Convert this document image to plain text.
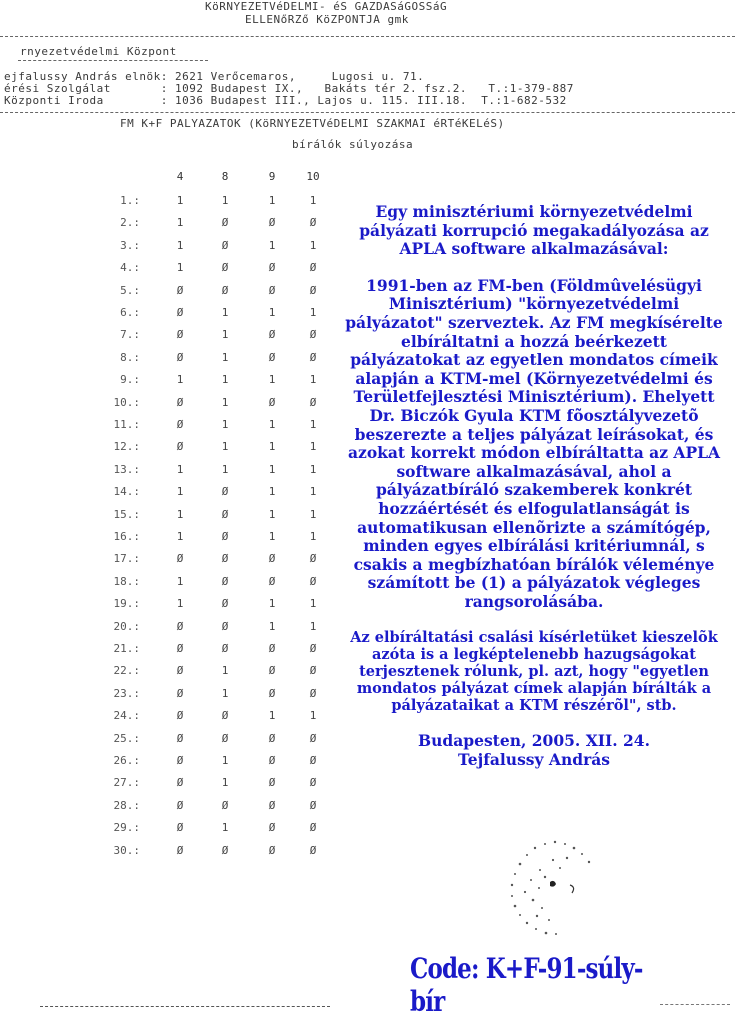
KöRNYEZETVéDELMI- éS GAZDASáGOSSáG
ELLENőRZő KöZPONTJA gmk
rnyezetvédelmi Központ
ejfalussy András elnök: 2621 Verőcemaros,     Lugosi u. 71.
érési Szolgálat       : 1092 Budapest IX.,   Bakáts tér 2. fsz.2.   T.:1-379-887
Központi Iroda        : 1036 Budapest III., Lajos u. 115. III.18.  T.:1-682-532
FM K+F PALYAZATOK (KöRNYEZETVéDELMI SZAKMAI éRTéKELéS)
bírálók súlyozása
4	8	9	10
1.:	1	1	1	1
2.:	1	Ø	Ø	Ø
3.:	1	Ø	1	1
4.:	1	Ø	Ø	Ø
5.:	Ø	Ø	Ø	Ø
6.:	Ø	1	1	1
7.:	Ø	1	Ø	Ø
8.:	Ø	1	Ø	Ø
9.:	1	1	1	1
10.:	Ø	1	Ø	Ø
11.:	Ø	1	1	1
12.:	Ø	1	1	1
13.:	1	1	1	1
14.:	1	Ø	1	1
15.:	1	Ø	1	1
16.:	1	Ø	1	1
17.:	Ø	Ø	Ø	Ø
18.:	1	Ø	Ø	Ø
19.:	1	Ø	1	1
20.:	Ø	Ø	1	1
21.:	Ø	Ø	Ø	Ø
22.:	Ø	1	Ø	Ø
23.:	Ø	1	Ø	Ø
24.:	Ø	Ø	1	1
25.:	Ø	Ø	Ø	Ø
26.:	Ø	1	Ø	Ø
27.:	Ø	1	Ø	Ø
28.:	Ø	Ø	Ø	Ø
29.:	Ø	1	Ø	Ø
30.:	Ø	Ø	Ø	Ø

Egy minisztériumi környezetvédelmi pályázati korrupció megakadályozása az APLA software alkalmazásával:

1991-ben az FM-ben (Földmûvelésügyi Minisztérium) "környezetvédelmi pályázatot" szerveztek. Az FM megkísérelte elbíráltatni a hozzá beérkezett pályázatokat az egyetlen mondatos címeik alapján a KTM-mel (Környezetvédelmi és Területfejlesztési Minisztérium). Ehelyett Dr. Biczók Gyula KTM fõosztályvezetõ beszerezte a teljes pályázat leírásokat, és azokat korrekt módon elbíráltatta az APLA software alkalmazásával, ahol a pályázatbíráló szakemberek konkrét hozzáértését és elfogulatlanságát is automatikusan ellenõrizte a számítógép, minden egyes elbírálási kritériumnál, s csakis a megbízhatóan bírálók véleménye számított be (1) a pályázatok végleges rangsorolásába.

Az elbíráltatási csalási kísérletüket kieszelõk azóta is a legképtelenebb hazugságokat terjesztenek rólunk, pl. azt, hogy "egyetlen mondatos pályázat címek alapján bírálták a pályázataikat a KTM részérõl", stb.

Budapesten, 2005. XII. 24.

Tejfalussy András

Code: K+F-91-súly-bír
